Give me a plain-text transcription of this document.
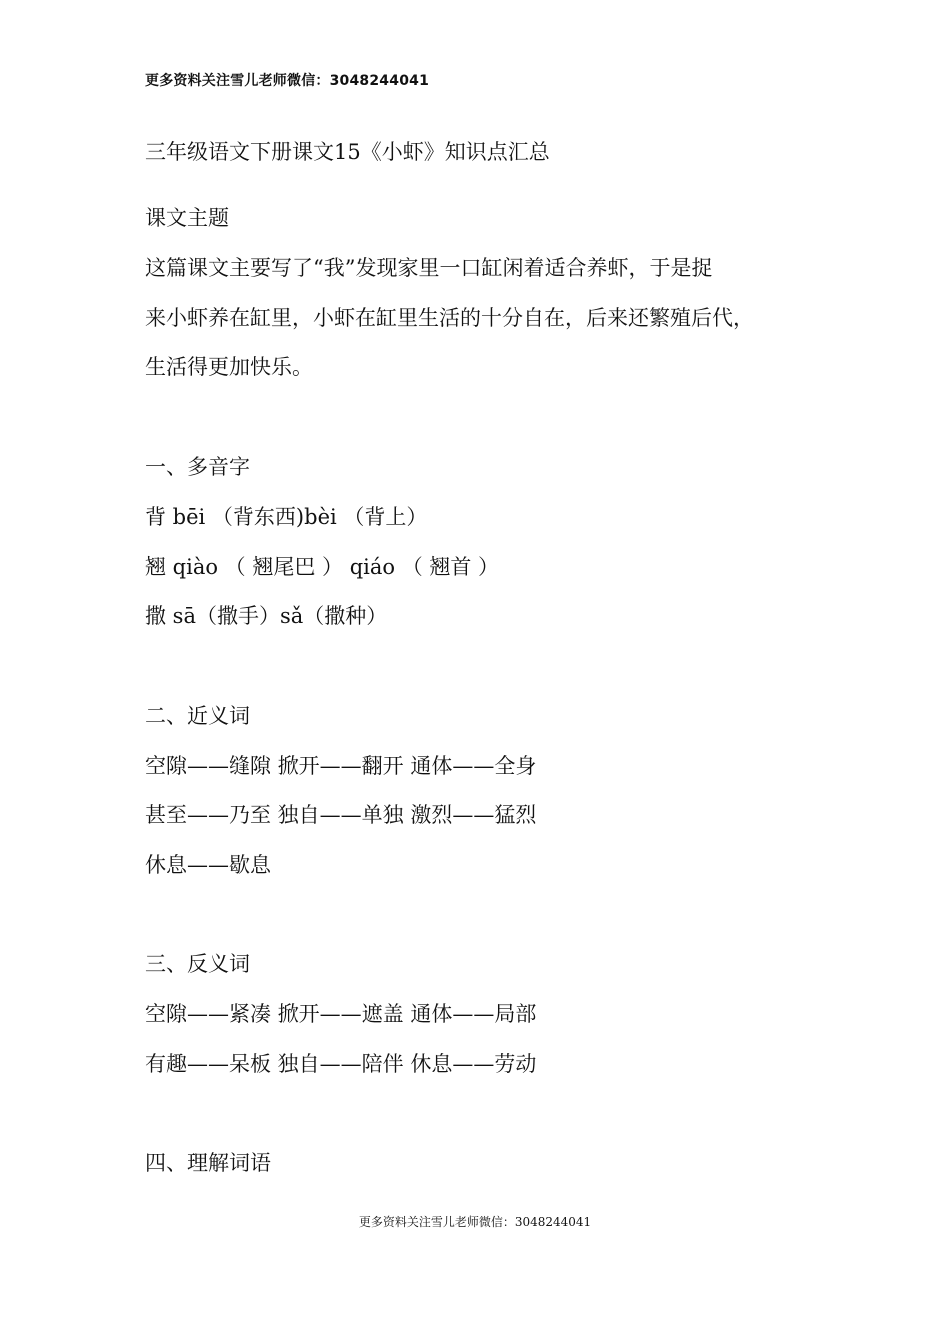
更多资料关注雪儿老师微信：3048244041
三年级语文下册课文15《小虾》知识点汇总
课文主题
这篇课文主要写了“我”发现家里一口缸闲着适合养虾，于是捉
来小虾养在缸里，小虾在缸里生活的十分自在，后来还繁殖后代，
生活得更加快乐。
一、多音字
背 bēi （背东西)bèi （背上）
翘 qiào （ 翘尾巴 ） qiáo （ 翘首 ）
撒 sā（撒手）sǎ（撒种）
二、近义词
空隙——缝隙 掀开——翻开 通体——全身
甚至——乃至 独自——单独 激烈——猛烈
休息——歇息
三、反义词
空隙——紧凑 掀开——遮盖 通体——局部
有趣——呆板 独自——陪伴 休息——劳动
四、理解词语
更多资料关注雪儿老师微信：3048244041
